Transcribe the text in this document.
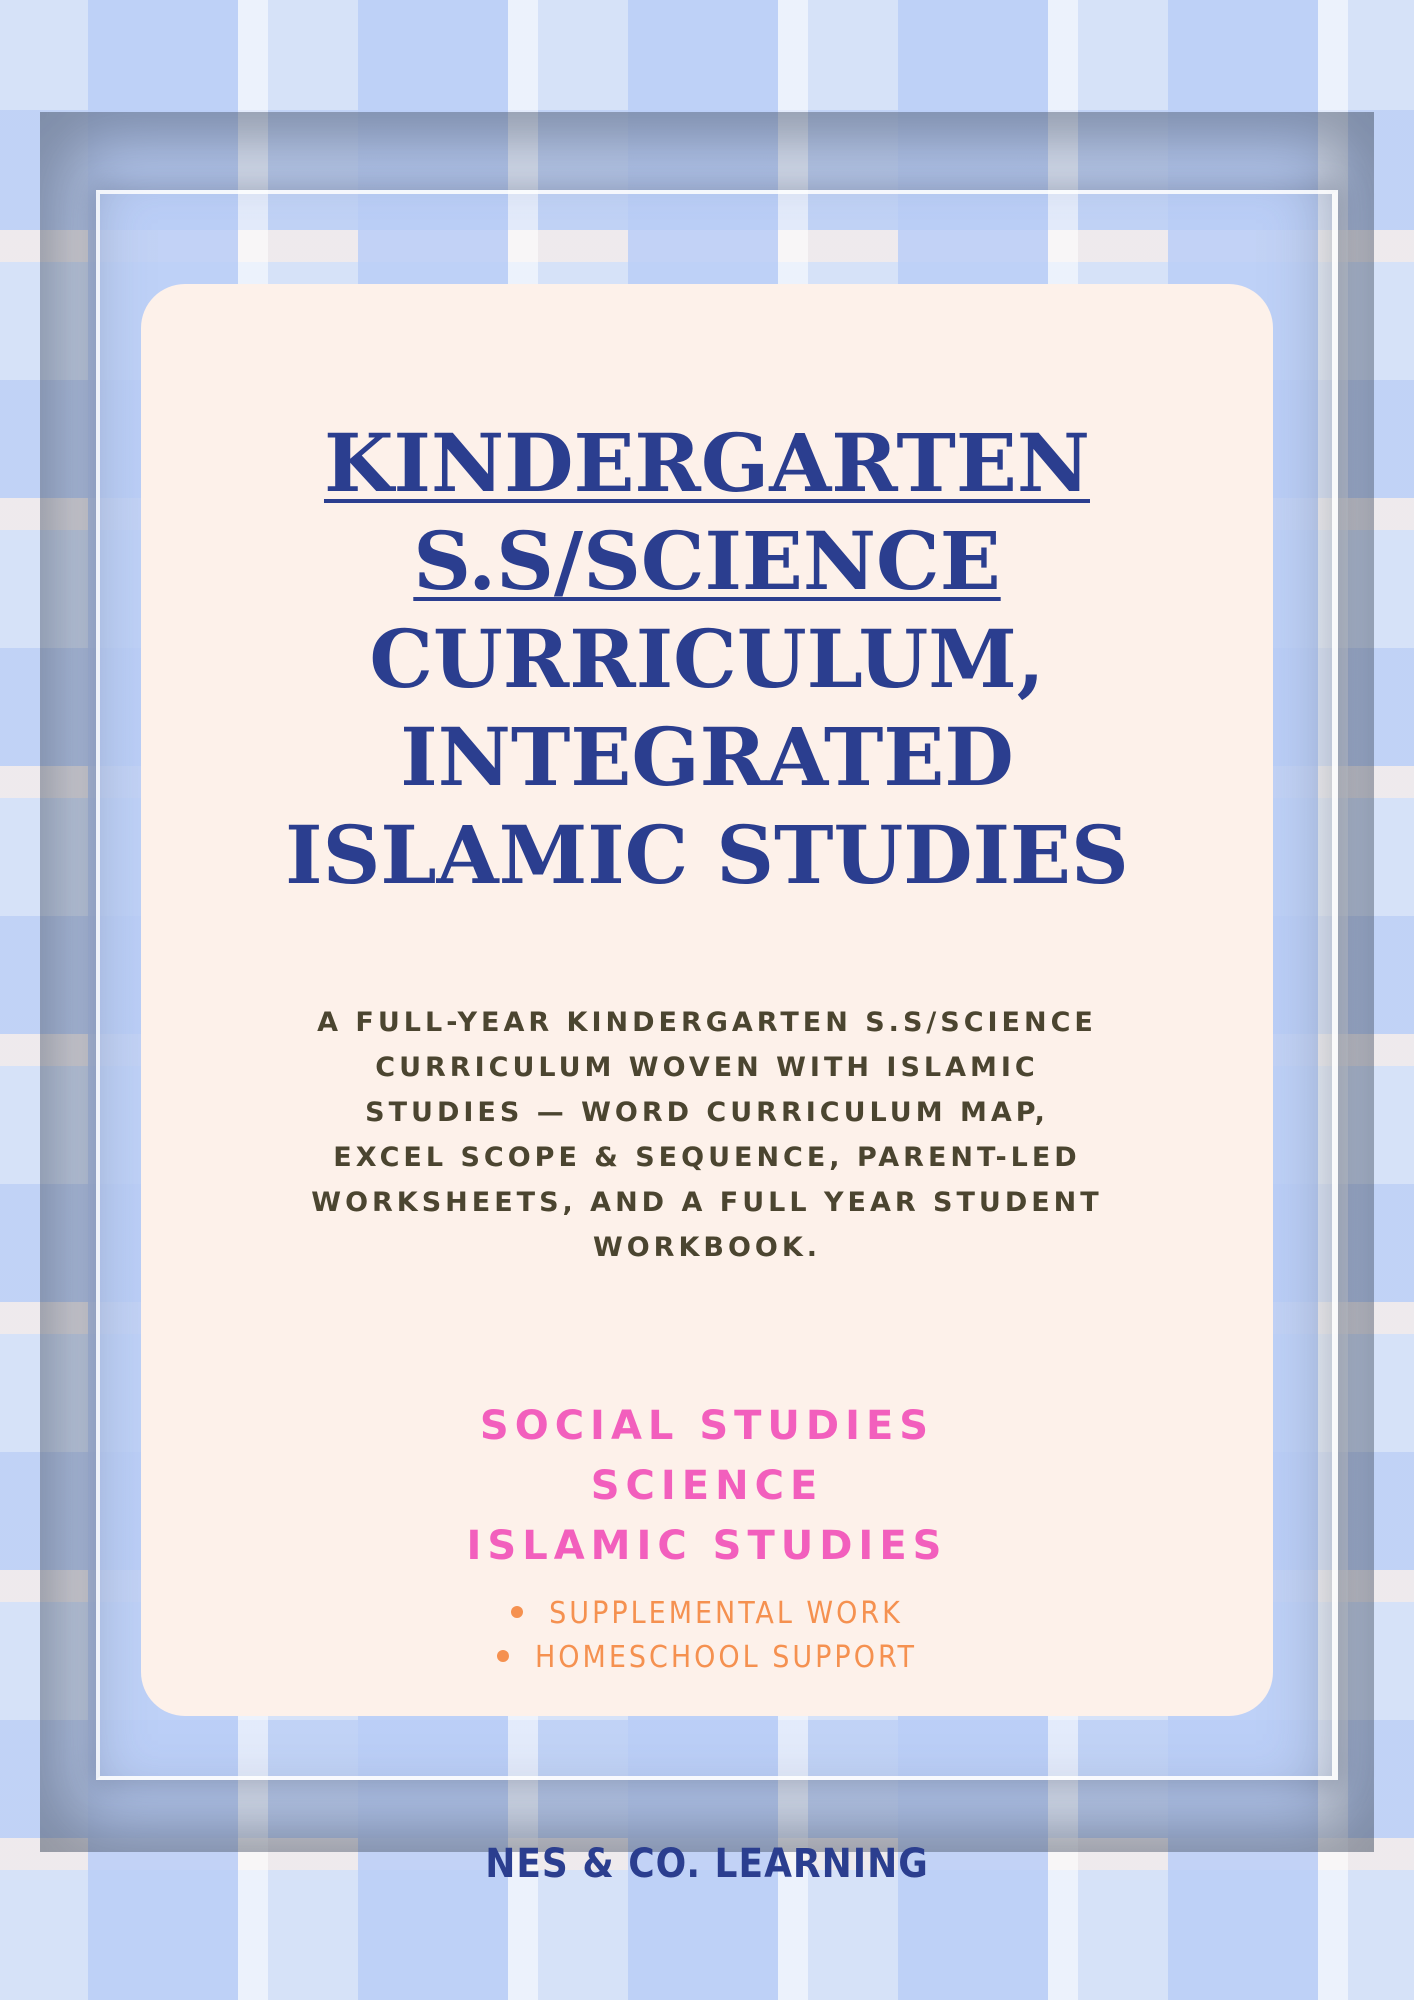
KINDERGARTEN
S.S/SCIENCE
CURRICULUM,
INTEGRATED
ISLAMIC STUDIES
A FULL-YEAR KINDERGARTEN S.S/SCIENCE
CURRICULUM WOVEN WITH ISLAMIC
STUDIES — WORD CURRICULUM MAP,
EXCEL SCOPE & SEQUENCE, PARENT-LED
WORKSHEETS, AND A FULL YEAR STUDENT
WORKBOOK.
SOCIAL STUDIES
SCIENCE
ISLAMIC STUDIES
SUPPLEMENTAL WORK
HOMESCHOOL SUPPORT
NES & CO. LEARNING
